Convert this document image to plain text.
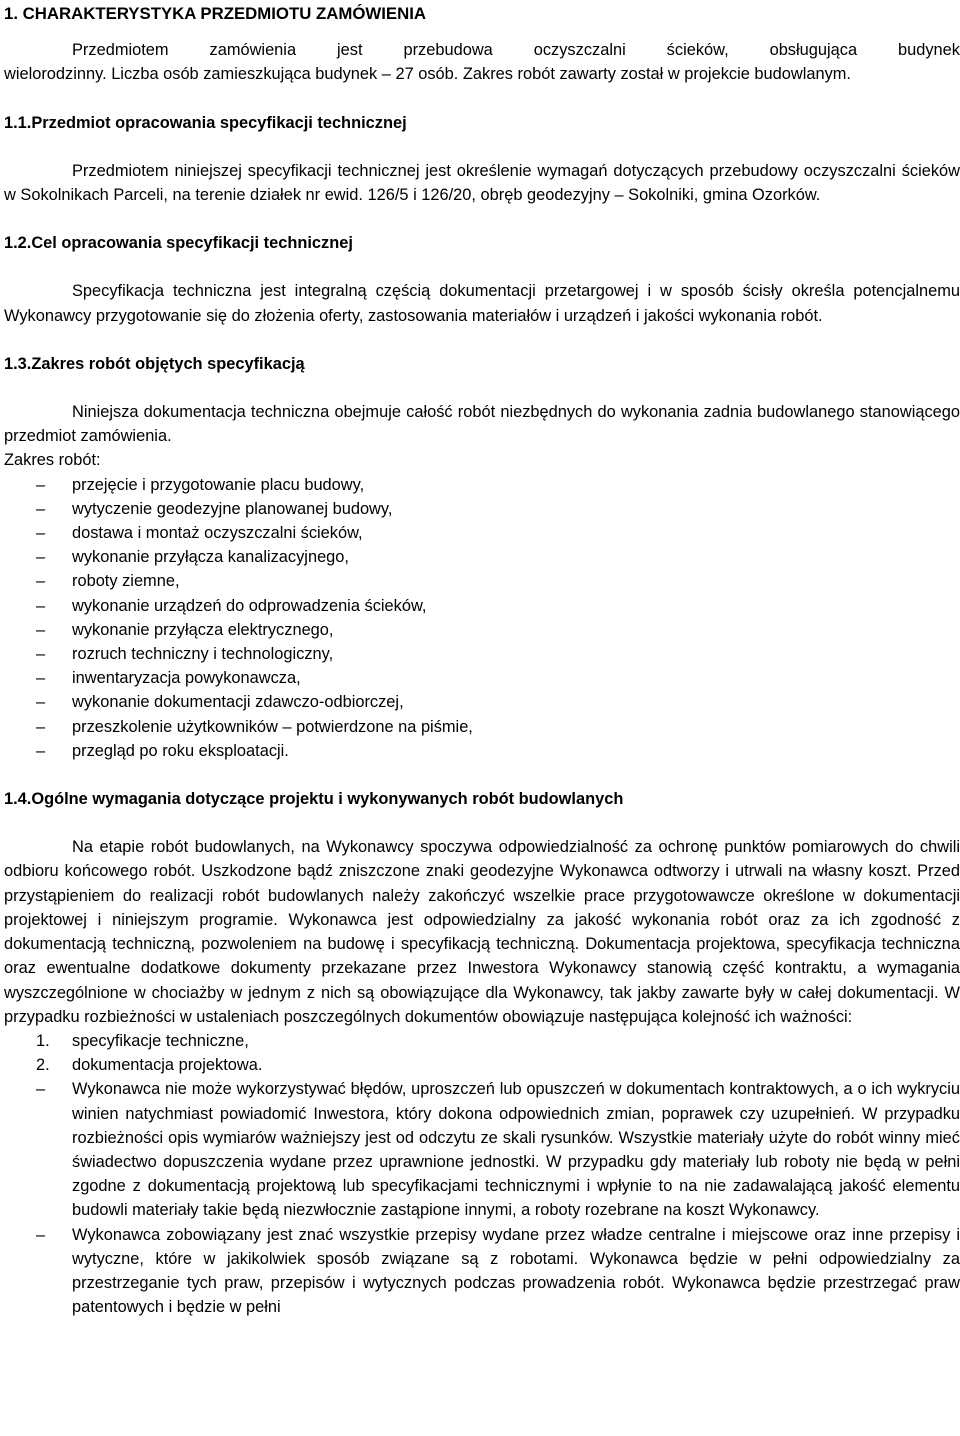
1. CHARAKTERYSTYKA PRZEDMIOTU ZAMÓWIENIA

Przedmiotem zamówienia jest przebudowa oczyszczalni ścieków, obsługująca budynek

wielorodzinny. Liczba osób zamieszkująca budynek – 27 osób. Zakres robót zawarty został w projekcie budowlanym.

1.1.Przedmiot opracowania specyfikacji technicznej

Przedmiotem niniejszej specyfikacji technicznej jest określenie wymagań dotyczących przebudowy oczyszczalni ścieków w Sokolnikach Parceli, na terenie działek nr ewid. 126/5 i 126/20, obręb geodezyjny – Sokolniki, gmina Ozorków.

1.2.Cel opracowania specyfikacji technicznej

Specyfikacja techniczna jest integralną częścią dokumentacji przetargowej i w sposób ścisły określa potencjalnemu Wykonawcy przygotowanie się do złożenia oferty, zastosowania materiałów i urządzeń i jakości wykonania robót.

1.3.Zakres robót objętych specyfikacją

Niniejsza dokumentacja techniczna obejmuje całość robót niezbędnych do wykonania zadnia budowlanego stanowiącego przedmiot zamówienia.

Zakres robót:

– przejęcie i przygotowanie placu budowy,
– wytyczenie geodezyjne planowanej budowy,
– dostawa i montaż oczyszczalni ścieków,
– wykonanie przyłącza kanalizacyjnego,
– roboty ziemne,
– wykonanie urządzeń do odprowadzenia ścieków,
– wykonanie przyłącza elektrycznego,
– rozruch techniczny i technologiczny,
– inwentaryzacja powykonawcza,
– wykonanie dokumentacji zdawczo-odbiorczej,
– przeszkolenie użytkowników – potwierdzone na piśmie,
– przegląd po roku eksploatacji.
1.4.Ogólne wymagania dotyczące projektu i wykonywanych robót budowlanych

Na etapie robót budowlanych, na Wykonawcy spoczywa odpowiedzialność za ochronę punktów pomiarowych do chwili odbioru końcowego robót. Uszkodzone bądź zniszczone znaki geodezyjne Wykonawca odtworzy i utrwali na własny koszt. Przed przystąpieniem do realizacji robót budowlanych należy zakończyć wszelkie prace przygotowawcze określone w dokumentacji projektowej i niniejszym programie. Wykonawca jest odpowiedzialny za jakość wykonania robót oraz za ich zgodność z dokumentacją techniczną, pozwoleniem na budowę i specyfikacją techniczną. Dokumentacja projektowa, specyfikacja techniczna oraz ewentualne dodatkowe dokumenty przekazane przez Inwestora Wykonawcy stanowią część kontraktu, a wymagania wyszczególnione w chociażby w jednym z nich są obowiązujące dla Wykonawcy, tak jakby zawarte były w całej dokumentacji. W przypadku rozbieżności w ustaleniach poszczególnych dokumentów obowiązuje następująca kolejność ich ważności:

1. specyfikacje techniczne,
2. dokumentacja projektowa.
– Wykonawca nie może wykorzystywać błędów, uproszczeń lub opuszczeń w dokumentach kontraktowych, a o ich wykryciu winien natychmiast powiadomić Inwestora, który dokona odpowiednich zmian, poprawek czy uzupełnień. W przypadku rozbieżności opis wymiarów ważniejszy jest od odczytu ze skali rysunków. Wszystkie materiały użyte do robót winny mieć świadectwo dopuszczenia wydane przez uprawnione jednostki. W przypadku gdy materiały lub roboty nie będą w pełni zgodne z dokumentacją projektową lub specyfikacjami technicznymi i wpłynie to na nie zadawalającą jakość elementu budowli materiały takie będą niezwłocznie zastąpione innymi, a roboty rozebrane na koszt Wykonawcy.
– Wykonawca zobowiązany jest znać wszystkie przepisy wydane przez władze centralne i miejscowe oraz inne przepisy i wytyczne, które w jakikolwiek sposób związane są z robotami. Wykonawca będzie w pełni odpowiedzialny za przestrzeganie tych praw, przepisów i wytycznych podczas prowadzenia robót. Wykonawca będzie przestrzegać praw patentowych i będzie w pełni
